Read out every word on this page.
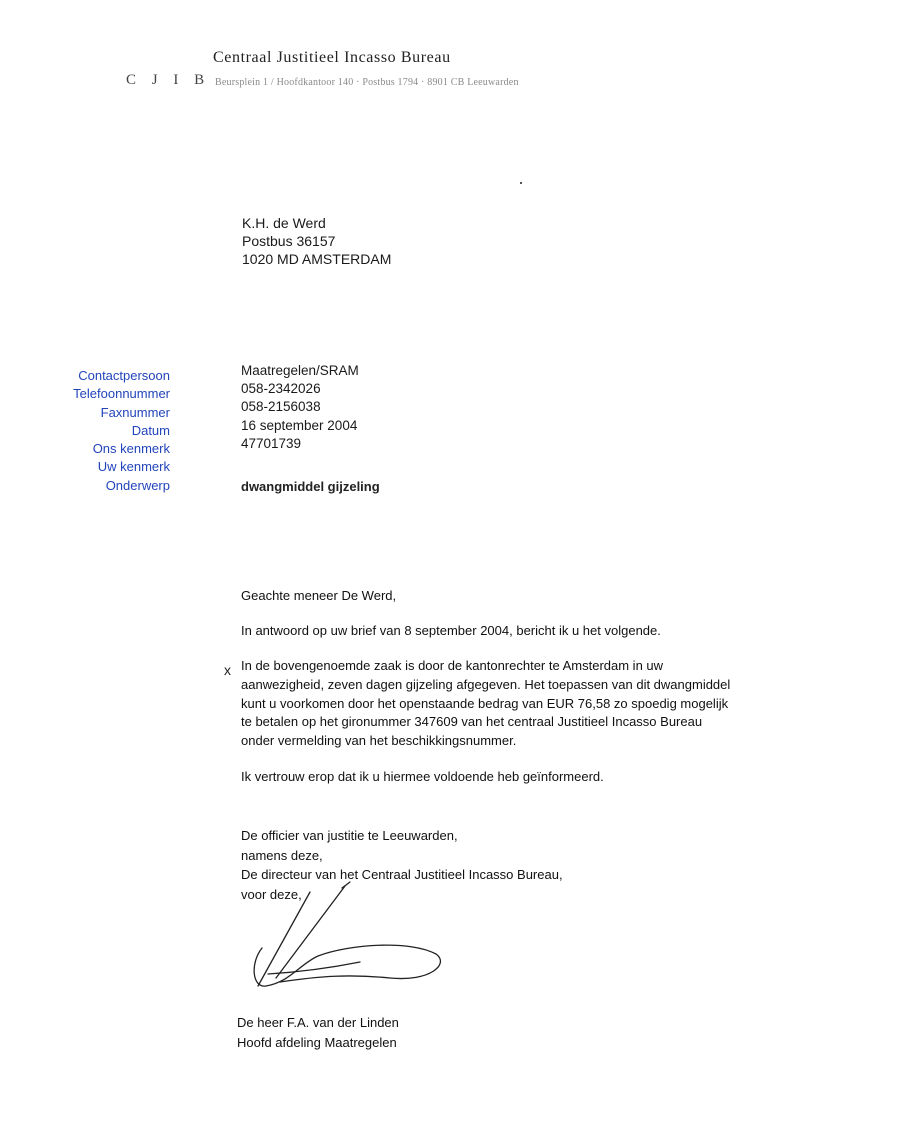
C J I B
Centraal Justitieel Incasso Bureau
Beursplein 1 / Hoofdkantoor 140 · Postbus 1794 · 8901 CB Leeuwarden
K.H. de Werd
Postbus 36157
1020 MD AMSTERDAM
Contactpersoon
Telefoonnummer
Faxnummer
Datum
Ons kenmerk
Uw kenmerk
Onderwerp
Maatregelen/SRAM
058-2342026
058-2156038
16 september 2004
47701739
dwangmiddel gijzeling
Geachte meneer De Werd,
In antwoord op uw brief van 8 september 2004, bericht ik u het volgende.
x In de bovengenoemde zaak is door de kantonrechter te Amsterdam in uw
aanwezigheid, zeven dagen gijzeling afgegeven. Het toepassen van dit dwangmiddel
kunt u voorkomen door het openstaande bedrag van EUR 76,58 zo spoedig mogelijk
te betalen op het gironummer 347609 van het centraal Justitieel Incasso Bureau
onder vermelding van het beschikkingsnummer.
Ik vertrouw erop dat ik u hiermee voldoende heb geïnformeerd.
De officier van justitie te Leeuwarden,
namens deze,
De directeur van het Centraal Justitieel Incasso Bureau,
voor deze,
De heer F.A. van der Linden
Hoofd afdeling Maatregelen
